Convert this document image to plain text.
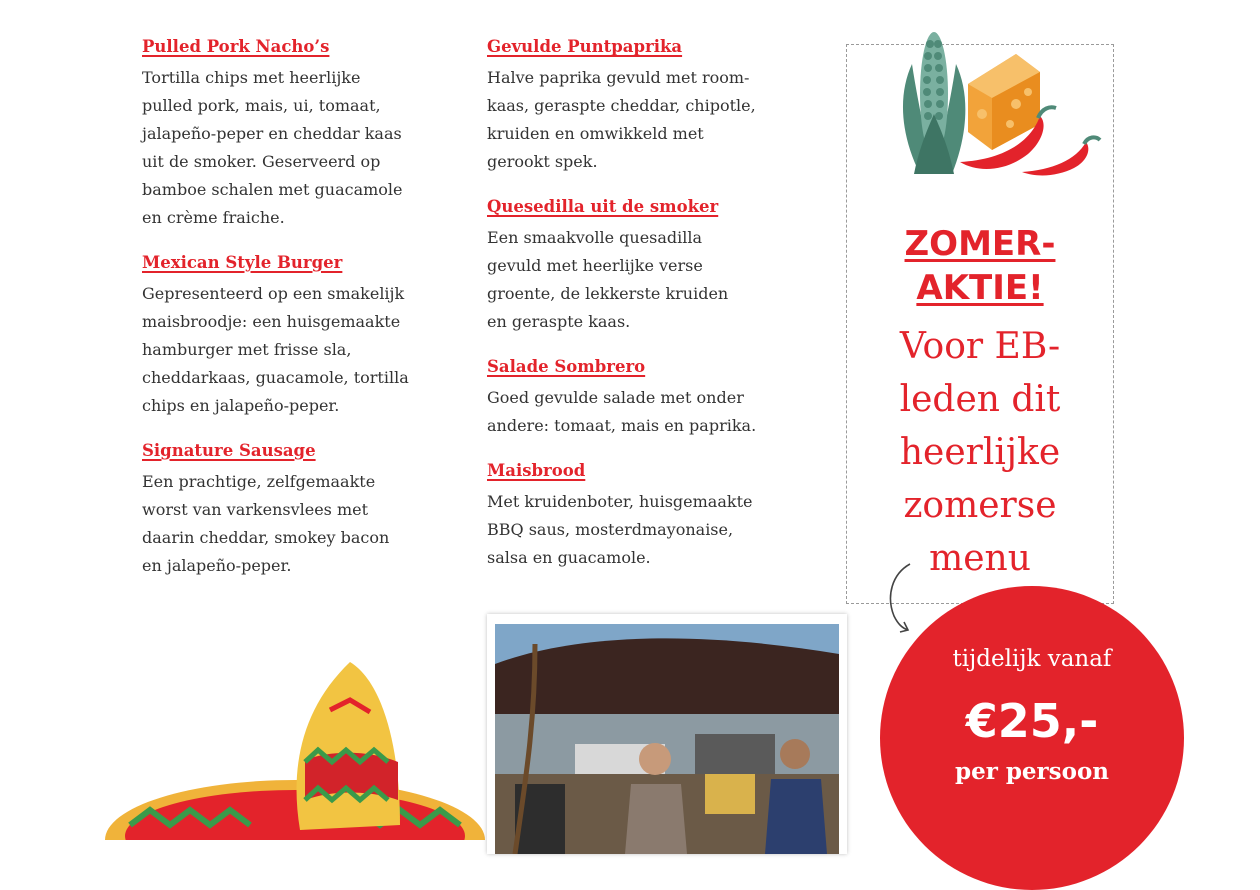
Pulled Pork Nacho’s

Tortilla chips met heerlijke
pulled pork, mais, ui, tomaat,
jalapeño-peper en cheddar kaas
uit de smoker. Geserveerd op
bamboe schalen met guacamole
en crème fraiche.

Mexican Style Burger

Gepresenteerd op een smakelijk
maisbroodje: een huisgemaakte
hamburger met frisse sla,
cheddarkaas, guacamole, tortilla
chips en jalapeño-peper.

Signature Sausage

Een prachtige, zelfgemaakte
worst van varkensvlees met
daarin cheddar, smokey bacon
en jalapeño-peper.

Gevulde Puntpaprika

Halve paprika gevuld met room-
kaas, geraspte cheddar, chipotle,
kruiden en omwikkeld met
gerookt spek.

Quesedilla uit de smoker

Een smaakvolle quesadilla
gevuld met heerlijke verse
groente, de lekkerste kruiden
en geraspte kaas.

Salade Sombrero

Goed gevulde salade met onder
andere: tomaat, mais en paprika.

Maisbrood

Met kruidenboter, huisgemaakte
BBQ saus, mosterdmayonaise,
salsa en guacamole.

ZOMER-
AKTIE!
Voor EB-
leden dit
heerlijke
zomerse
menu
tijdelijk vanaf
€25,-
per persoon
